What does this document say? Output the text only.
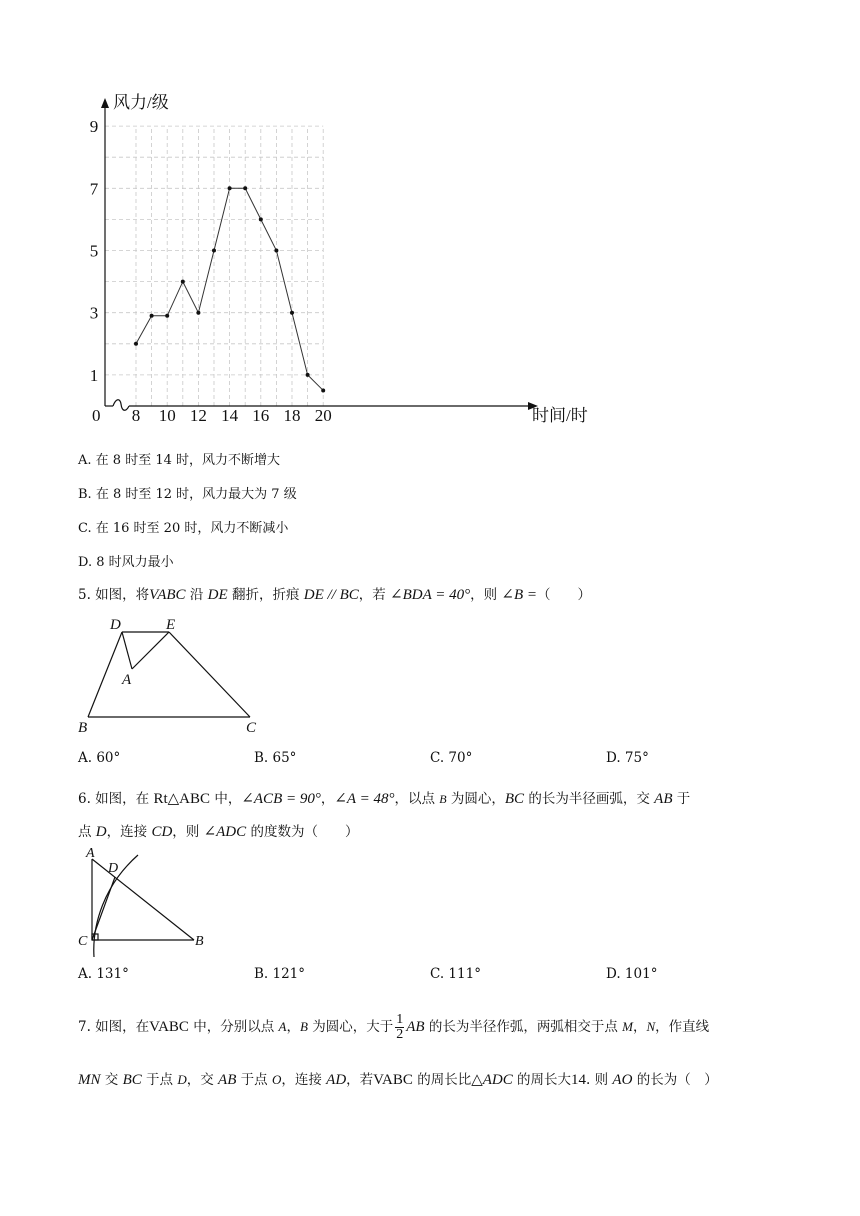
8 10 12 14 16 18 20
1
3
5
7
9
风力/级
时间/时
0
A. 在 8 时至 14 时，风力不断增大
B. 在 8 时至 12 时，风力最大为 7 级
C. 在 16 时至 20 时，风力不断减小
D. 8 时风力最小
5. 如图，将VABC 沿 DE 翻折，折痕 DE // BC，若 ∠BDA = 40°，则 ∠B =（　　）
D	E
A
B	C
A. 60°	B. 65°	C. 70°	D. 75°
6. 如图，在 Rt△ABC 中，∠ACB = 90°，∠A = 48°，以点 B 为圆心，BC 的长为半径画弧，交 AB 于
点 D，连接 CD，则 ∠ADC 的度数为（　　）
A
D
C	B
A. 131°	B. 121°	C. 111°	D. 101°
7. 如图，在VABC 中，分别以点 A，B 为圆心，大于 $\frac{1}{2}$ AB 的长为半径作弧，两弧相交于点 M，N，作直线
MN 交 BC 于点 D，交 AB 于点 O，连接 AD，若VABC 的周长比△ADC 的周长大14. 则 AO 的长为（　）
